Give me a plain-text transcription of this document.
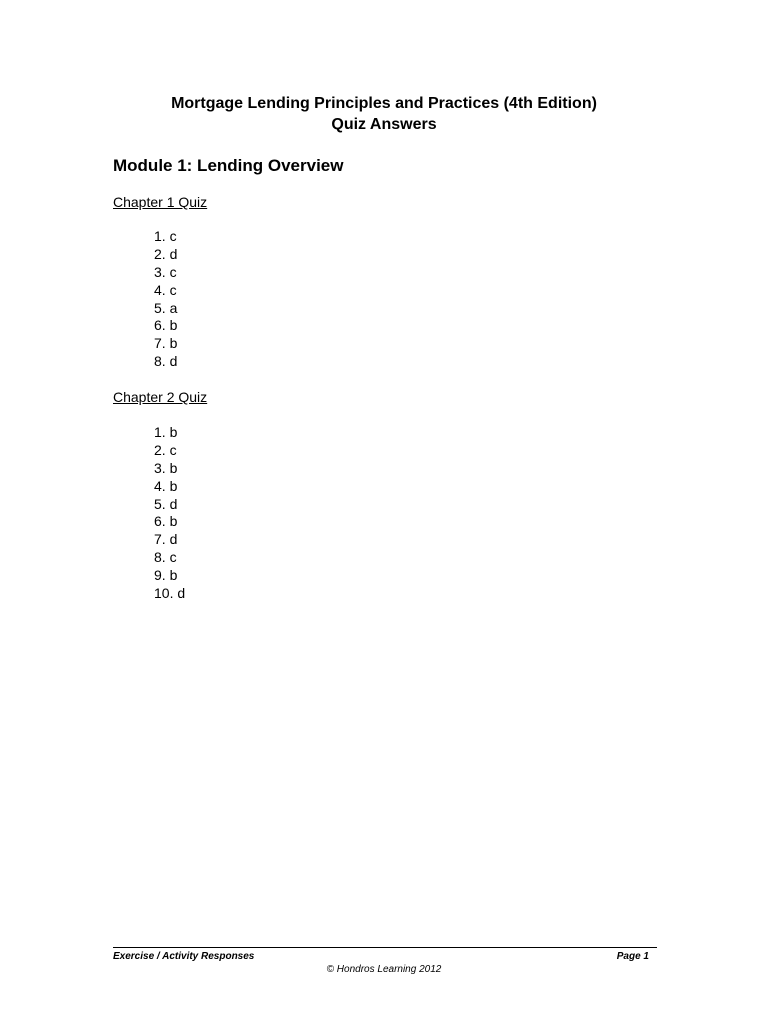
Mortgage Lending Principles and Practices (4th Edition)
Quiz Answers
Module 1: Lending Overview
Chapter 1 Quiz
1. c
2. d
3. c
4. c
5. a
6. b
7. b
8. d
Chapter 2 Quiz
1. b
2. c
3. b
4. b
5. d
6. b
7. d
8. c
9. b
10. d
Exercise / Activity Responses	Page 1
© Hondros Learning 2012
